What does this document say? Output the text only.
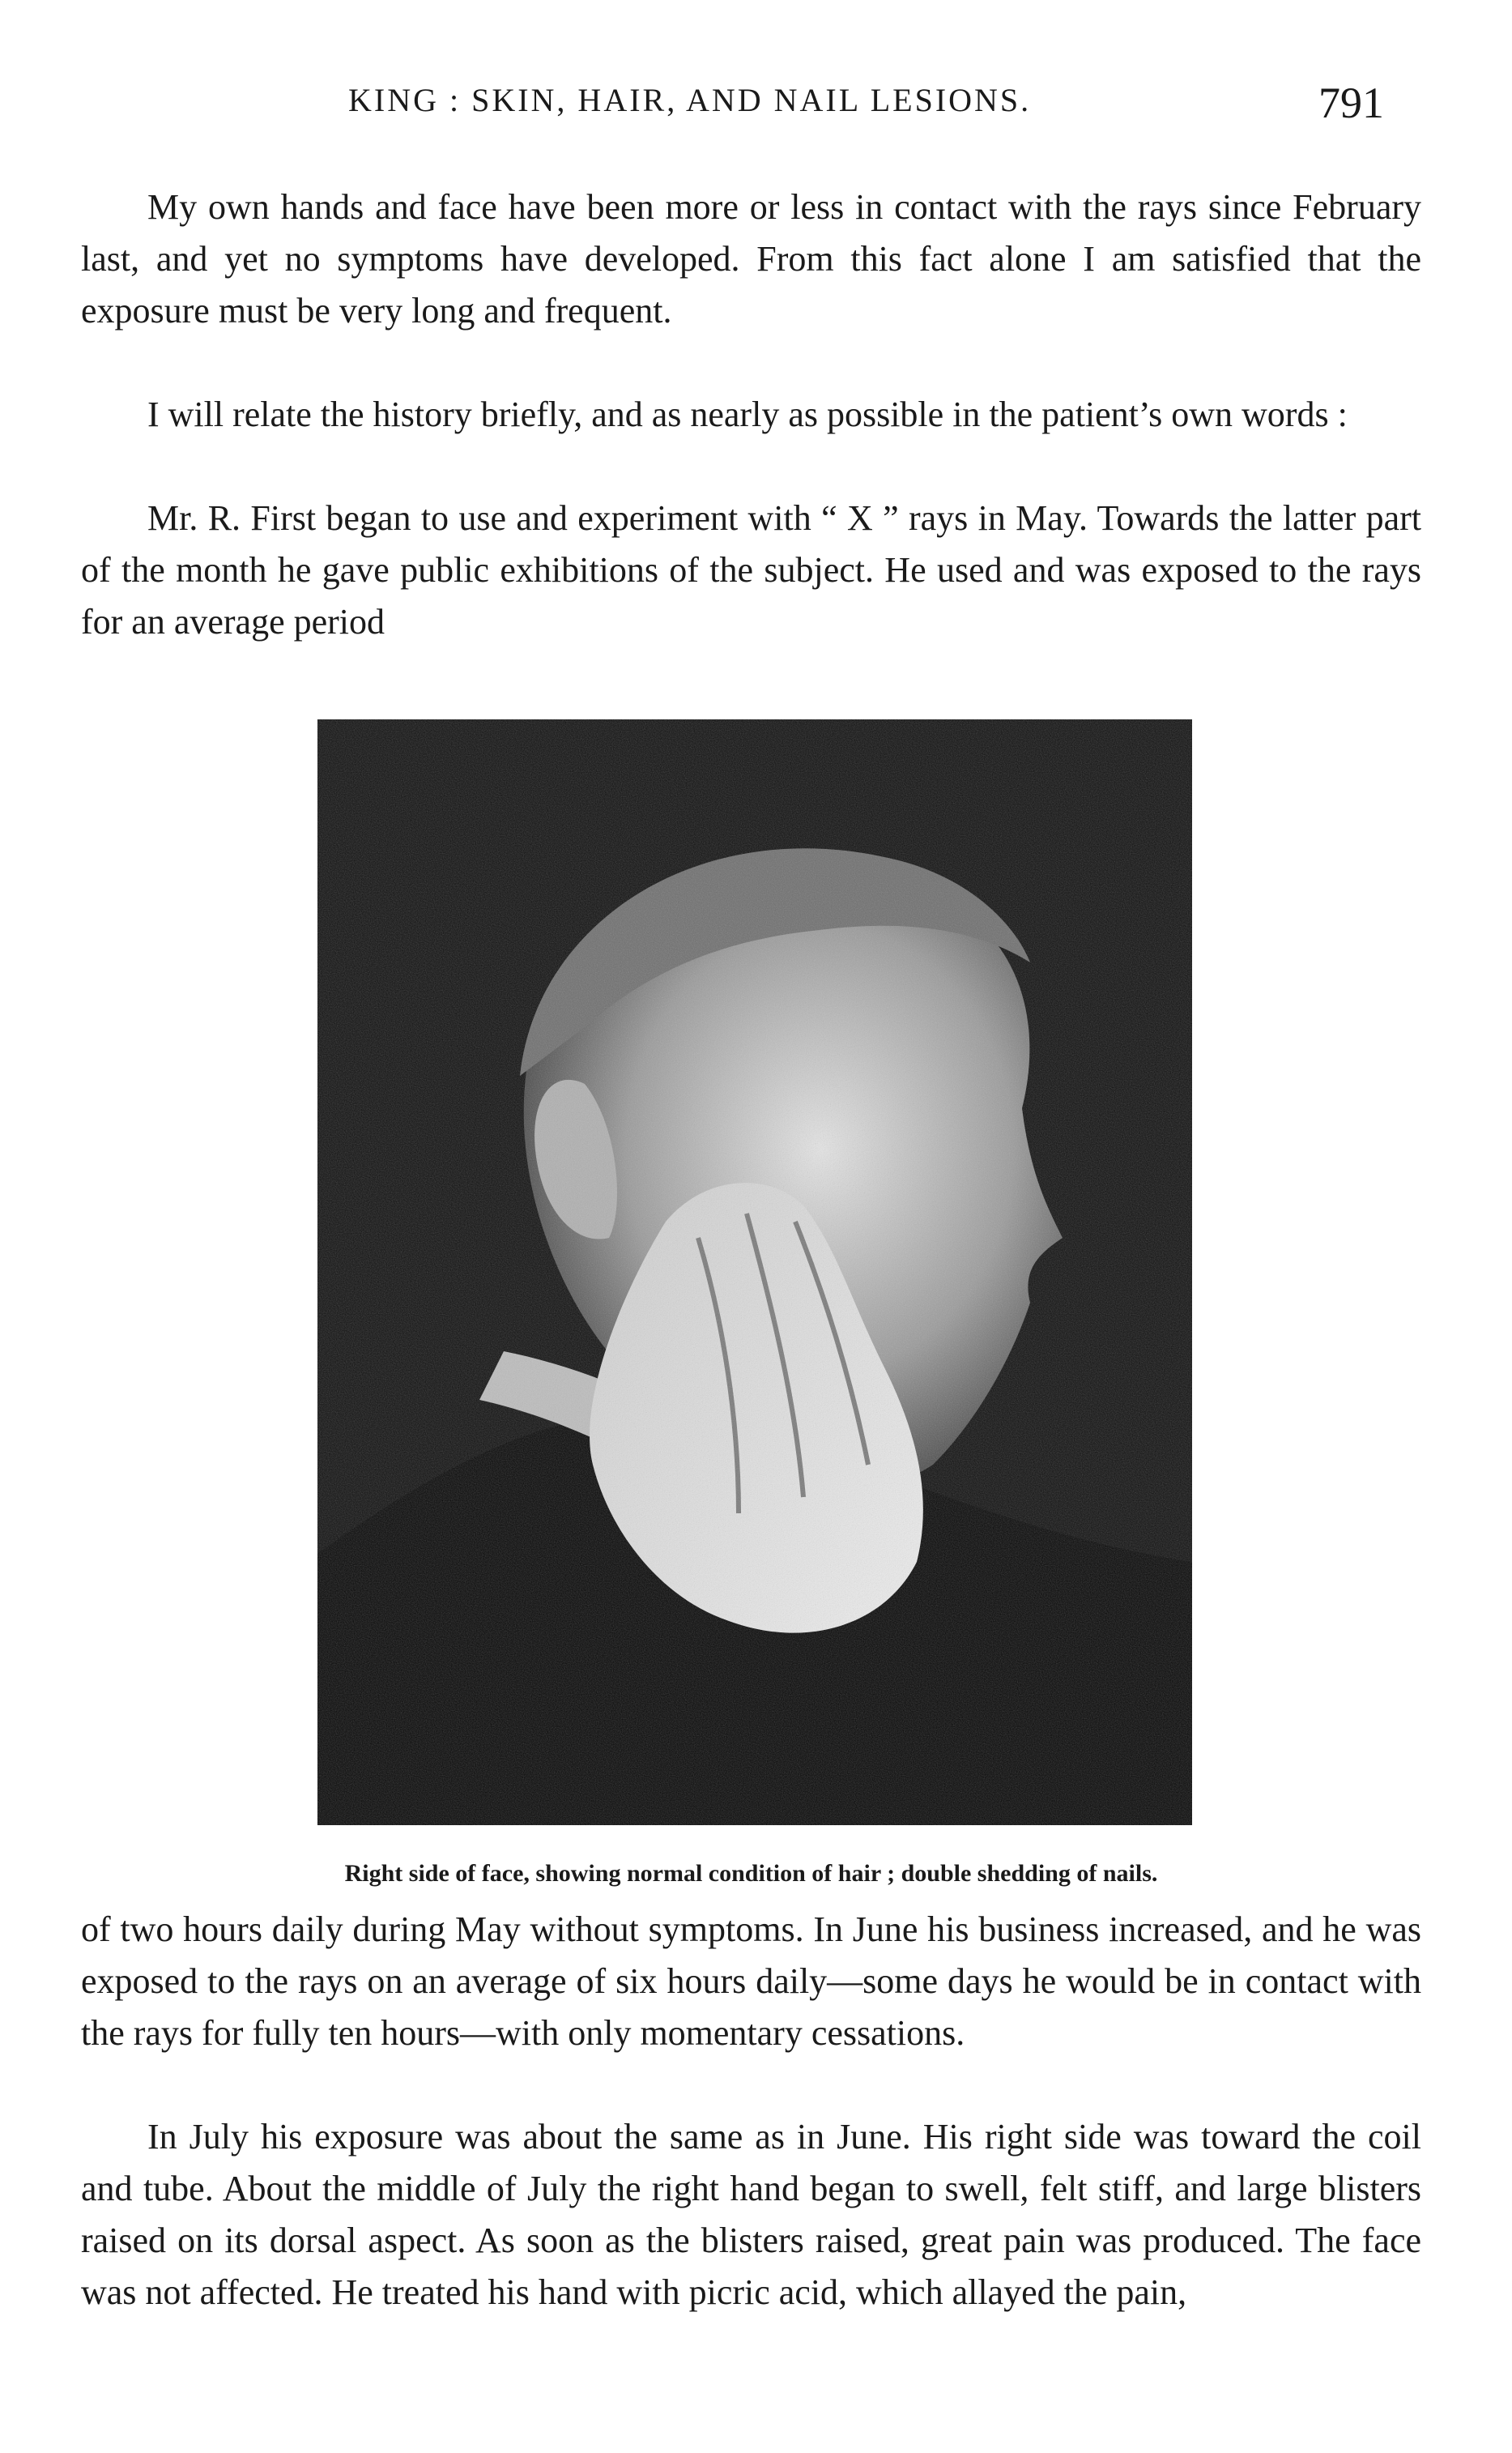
KING : SKIN, HAIR, AND NAIL LESIONS.	791

My own hands and face have been more or less in contact with the rays since February last, and yet no symptoms have developed. From this fact alone I am satisfied that the exposure must be very long and frequent.

I will relate the history briefly, and as nearly as possible in the patient’s own words :

Mr. R. First began to use and experiment with “ X ” rays in May. Towards the latter part of the month he gave public exhibitions of the subject. He used and was exposed to the rays for an average period

Right side of face, showing normal condition of hair ; double shedding of nails.

of two hours daily during May without symptoms. In June his business increased, and he was exposed to the rays on an average of six hours daily—some days he would be in contact with the rays for fully ten hours—with only momentary cessations.

In July his exposure was about the same as in June. His right side was toward the coil and tube. About the middle of July the right hand began to swell, felt stiff, and large blisters raised on its dorsal aspect. As soon as the blisters raised, great pain was produced. The face was not affected. He treated his hand with picric acid, which allayed the pain,
